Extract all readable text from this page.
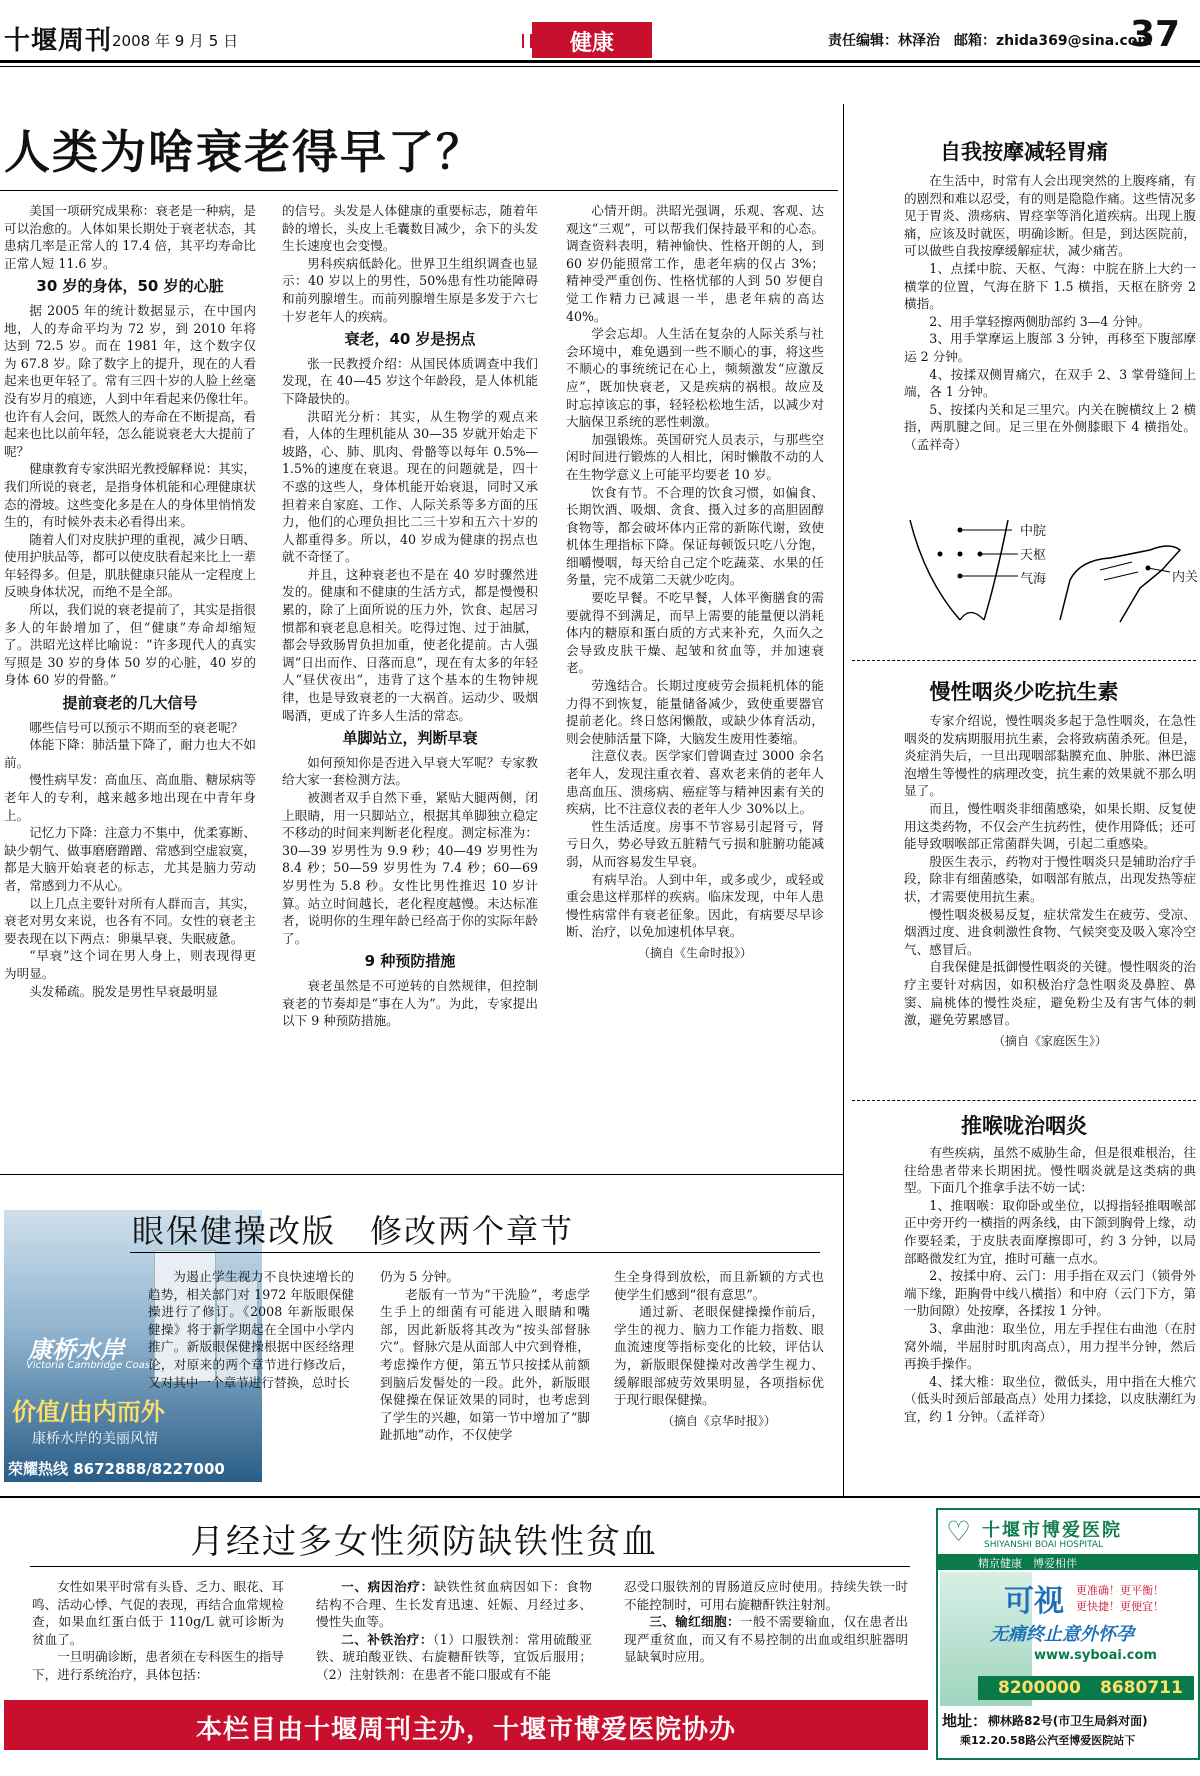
十堰周刊 2008 年 9 月 5 日	健康	责任编辑：林泽治　邮箱：zhida369@sina.com
37
人类为啥衰老得早了？

美国一项研究成果称：衰老是一种病，是可以治愈的。人体如果长期处于衰老状态，其患病几率是正常人的 17.4 倍，其平均寿命比正常人短 11.6 岁。

30 岁的身体，50 岁的心脏

据 2005 年的统计数据显示，在中国内地，人的寿命平均为 72 岁，到 2010 年将达到 72.5 岁。而在 1981 年，这个数字仅为 67.8 岁。除了数字上的提升，现在的人看起来也更年轻了。常有三四十岁的人脸上丝毫没有岁月的痕迹，人到中年看起来仍像壮年。也许有人会问，既然人的寿命在不断提高，看起来也比以前年轻，怎么能说衰老大大提前了呢？

健康教育专家洪昭光教授解释说：其实，我们所说的衰老，是指身体机能和心理健康状态的滑坡。这些变化多是在人的身体里悄悄发生的，有时候外表未必看得出来。

随着人们对皮肤护理的重视，减少日晒、使用护肤品等，都可以使皮肤看起来比上一辈年轻得多。但是，肌肤健康只能从一定程度上反映身体状况，而绝不是全部。

所以，我们说的衰老提前了，其实是指很多人的年龄增加了，但“健康”寿命却缩短了。洪昭光这样比喻说：“许多现代人的真实写照是 30 岁的身体 50 岁的心脏，40 岁的身体 60 岁的骨骼。”

提前衰老的几大信号

哪些信号可以预示不期而至的衰老呢？

体能下降：肺活量下降了，耐力也大不如前。

慢性病早发：高血压、高血脂、糖尿病等老年人的专利，越来越多地出现在中青年身上。

记忆力下降：注意力不集中，优柔寡断、缺少朝气、做事磨磨蹭蹭、常感到空虚寂寞，都是大脑开始衰老的标志，尤其是脑力劳动者，常感到力不从心。

以上几点主要针对所有人群而言，其实，衰老对男女来说，也各有不同。女性的衰老主要表现在以下两点：卵巢早衰、失眠疲惫。

“早衰”这个词在男人身上，则表现得更为明显。

头发稀疏。脱发是男性早衰最明显

的信号。头发是人体健康的重要标志，随着年龄的增长，头皮上毛囊数目减少，余下的头发生长速度也会变慢。

男科疾病低龄化。世界卫生组织调查也显示：40 岁以上的男性，50%患有性功能障碍和前列腺增生。而前列腺增生原是多发于六七十岁老年人的疾病。

衰老，40 岁是拐点

张一民教授介绍：从国民体质调查中我们发现，在 40—45 岁这个年龄段，是人体机能下降最快的。

洪昭光分析：其实，从生物学的观点来看，人体的生理机能从 30—35 岁就开始走下坡路，心、肺、肌肉、骨骼等以每年 0.5%—1.5%的速度在衰退。现在的问题就是，四十不惑的这些人，身体机能开始衰退，同时又承担着来自家庭、工作、人际关系等多方面的压力，他们的心理负担比二三十岁和五六十岁的人都重得多。所以，40 岁成为健康的拐点也就不奇怪了。

并且，这种衰老也不是在 40 岁时骤然进发的。健康和不健康的生活方式，都是慢慢积累的，除了上面所说的压力外，饮食、起居习惯都和衰老息息相关。吃得过饱、过于油腻，都会导致肠胃负担加重，使老化提前。古人强调“日出而作、日落而息”，现在有太多的年轻人“昼伏夜出”，违背了这个基本的生物钟规律，也是导致衰老的一大祸首。运动少、吸烟喝酒，更成了许多人生活的常态。

单脚站立，判断早衰

如何预知你是否进入早衰大军呢？专家教给大家一套检测方法。

被测者双手自然下垂，紧贴大腿两侧，闭上眼睛，用一只脚站立，根据其单脚独立稳定不移动的时间来判断老化程度。测定标准为：30—39 岁男性为 9.9 秒；40—49 岁男性为 8.4 秒；50—59 岁男性为 7.4 秒；60—69 岁男性为 5.8 秒。女性比男性推迟 10 岁计算。站立时间越长，老化程度越慢。未达标准者，说明你的生理年龄已经高于你的实际年龄了。

9 种预防措施

衰老虽然是不可逆转的自然规律，但控制衰老的节奏却是“事在人为”。为此，专家提出以下 9 种预防措施。

心情开朗。洪昭光强调，乐观、客观、达观这“三观”，可以帮我们保持最平和的心态。调查资料表明，精神愉快、性格开朗的人，到 60 岁仍能照常工作，患老年病的仅占 3%；精神受严重创伤、性格忧郁的人到 50 岁便自觉工作精力已减退一半，患老年病的高达 40%。

学会忘却。人生活在复杂的人际关系与社会环境中，难免遇到一些不顺心的事，将这些不顺心的事统统记在心上，频频激发“应激反应”，既加快衰老，又是疾病的祸根。故应及时忘掉该忘的事，轻轻松松地生活，以减少对大脑保卫系统的恶性刺激。

加强锻炼。英国研究人员表示，与那些空闲时间进行锻炼的人相比，闲时懒散不动的人在生物学意义上可能平均要老 10 岁。

饮食有节。不合理的饮食习惯，如偏食、长期饮酒、吸烟、贪食、摄入过多的高胆固醇食物等，都会破坏体内正常的新陈代谢，致使机体生理指标下降。保证每顿饭只吃八分饱，细嚼慢咽，每天给自己定个吃蔬菜、水果的任务量，完不成第二天就少吃肉。

要吃早餐。不吃早餐，人体平衡膳食的需要就得不到满足，而早上需要的能量便以消耗体内的糖原和蛋白质的方式来补充，久而久之会导致皮肤干燥、起皱和贫血等，并加速衰老。

劳逸结合。长期过度疲劳会损耗机体的能力得不到恢复，能量储备减少，致使重要器官提前老化。终日悠闲懒散，或缺少体育活动，则会使肺活量下降，大脑发生废用性萎缩。

注意仪表。医学家们曾调查过 3000 余名老年人，发现注重衣着、喜欢老来俏的老年人患高血压、溃疡病、癌症等与精神因素有关的疾病，比不注意仪表的老年人少 30%以上。

性生活适度。房事不节容易引起肾亏，肾亏日久，势必导致五脏精气亏损和脏腑功能减弱，从而容易发生早衰。

有病早治。人到中年，或多或少，或轻或重会患这样那样的疾病。临床发现，中年人患慢性病常伴有衰老征象。因此，有病要尽早诊断、治疗，以免加速机体早衰。

（摘自《生命时报》）

自我按摩减轻胃痛

在生活中，时常有人会出现突然的上腹疼痛，有的剧烈和难以忍受，有的则是隐隐作痛。这些情况多见于胃炎、溃疡病、胃痉挛等消化道疾病。出现上腹痛，应该及时就医，明确诊断。但是，到达医院前，可以做些自我按摩缓解症状，减少痛苦。

1、点揉中脘、天枢、气海：中脘在脐上大约一横掌的位置，气海在脐下 1.5 横指，天枢在脐旁 2 横指。

2、用手掌轻擦两侧肋部约 3—4 分钟。

3、用手掌摩运上腹部 3 分钟，再移至下腹部摩运 2 分钟。

4、按揉双侧胃痛穴，在双手 2、3 掌骨缝间上端，各 1 分钟。

5、按揉内关和足三里穴。内关在腕横纹上 2 横指，两肌腱之间。足三里在外侧膝眼下 4 横指处。（孟祥奇）

中脘
天枢
气海	内关
慢性咽炎少吃抗生素

专家介绍说，慢性咽炎多起于急性咽炎，在急性咽炎的发病期服用抗生素，会将致病菌杀死。但是，炎症消失后，一旦出现咽部黏膜充血、肿胀、淋巴滤泡增生等慢性的病理改变，抗生素的效果就不那么明显了。

而且，慢性咽炎非细菌感染，如果长期、反复使用这类药物，不仅会产生抗药性，使作用降低；还可能导致咽喉部正常菌群失调，引起二重感染。

殷医生表示，药物对于慢性咽炎只是辅助治疗手段，除非有细菌感染，如咽部有脓点，出现发热等症状，才需要使用抗生素。

慢性咽炎极易反复，症状常发生在疲劳、受凉、烟酒过度、进食刺激性食物、气候突变及吸入寒冷空气、感冒后。

自我保健是抵御慢性咽炎的关键。慢性咽炎的治疗主要针对病因，如积极治疗急性咽炎及鼻腔、鼻窦、扁桃体的慢性炎症，避免粉尘及有害气体的刺激，避免劳累感冒。

（摘自《家庭医生》）

推喉咙治咽炎

有些疾病，虽然不威胁生命，但是很难根治，往往给患者带来长期困扰。慢性咽炎就是这类病的典型。下面几个推拿手法不妨一试：

1、推咽喉：取仰卧或坐位，以拇指轻推咽喉部正中旁开约一横指的两条线，由下颌到胸骨上缘，动作要轻柔，于皮肤表面摩擦即可，约 3 分钟，以局部略微发红为宜，推时可蘸一点水。

2、按揉中府、云门：用手指在双云门（锁骨外端下缘，距胸骨中线八横指）和中府（云门下方，第一肋间隙）处按摩，各揉按 1 分钟。

3、拿曲池：取坐位，用左手捏住右曲池（在肘窝外端，半屈肘时肌肉高点），用力捏半分钟，然后再换手操作。

4、揉大椎：取坐位，微低头，用中指在大椎穴（低头时颈后部最高点）处用力揉捻，以皮肤潮红为宜，约 1 分钟。（孟祥奇）

康桥水岸
Victoria Cambridge Coast
价值/由内而外
康桥水岸的美丽风情
荣耀热线 8672888/8227000
眼保健操改版　修改两个章节

为遏止学生视力不良快速增长的趋势，相关部门对 1972 年版眼保健操进行了修订。《2008 年新版眼保健操》将于新学期起在全国中小学内推广。新版眼保健操根据中医经络理论，对原来的两个章节进行修改后，又对其中一个章节进行替换，总时长

仍为 5 分钟。

老版有一节为“干洗脸”，考虑学生手上的细菌有可能进入眼睛和嘴部，因此新版将其改为“按头部督脉穴”。督脉穴是从面部人中穴到脊椎，考虑操作方便，第五节只按揉从前额到脑后发髻处的一段。此外，新版眼保健操在保证效果的同时，也考虑到了学生的兴趣，如第一节中增加了“脚趾抓地”动作，不仅使学

生全身得到放松，而且新颖的方式也使学生们感到“很有意思”。

通过新、老眼保健操操作前后，学生的视力、脑力工作能力指数、眼血流速度等指标变化的比较，评估认为，新版眼保健操对改善学生视力、缓解眼部疲劳效果明显，各项指标优于现行眼保健操。

（摘自《京华时报》）

月经过多女性须防缺铁性贫血

女性如果平时常有头昏、乏力、眼花、耳鸣、活动心悸、气促的表现，再结合血常规检查，如果血红蛋白低于 110g/L 就可诊断为贫血了。

一旦明确诊断，患者须在专科医生的指导下，进行系统治疗，具体包括：

一、病因治疗：缺铁性贫血病因如下：食物结构不合理、生长发育迅速、妊娠、月经过多、慢性失血等。

二、补铁治疗：（1）口服铁剂：常用硫酸亚铁、琥珀酸亚铁、右旋糖酐铁等，宜饭后服用；（2）注射铁剂：在患者不能口服或有不能

忍受口服铁剂的胃肠道反应时使用。持续失铁一时不能控制时，可用右旋糖酐铁注射剂。

三、输红细胞：一般不需要输血，仅在患者出现严重贫血，而又有不易控制的出血或组织脏器明显缺氧时应用。

♡ 十堰市博爱医院
SHIYANSHI BOAI HOSPITAL
精京健康　博爱相伴
可视 更准确！更平衡！
更快捷！更便宜！
无痛终止意外怀孕
www.syboai.com
8200000 8680711
地址： 柳林路82号(市卫生局斜对面)
乘12.20.58路公汽至博爱医院站下
本栏目由十堰周刊主办，十堰市博爱医院协办
